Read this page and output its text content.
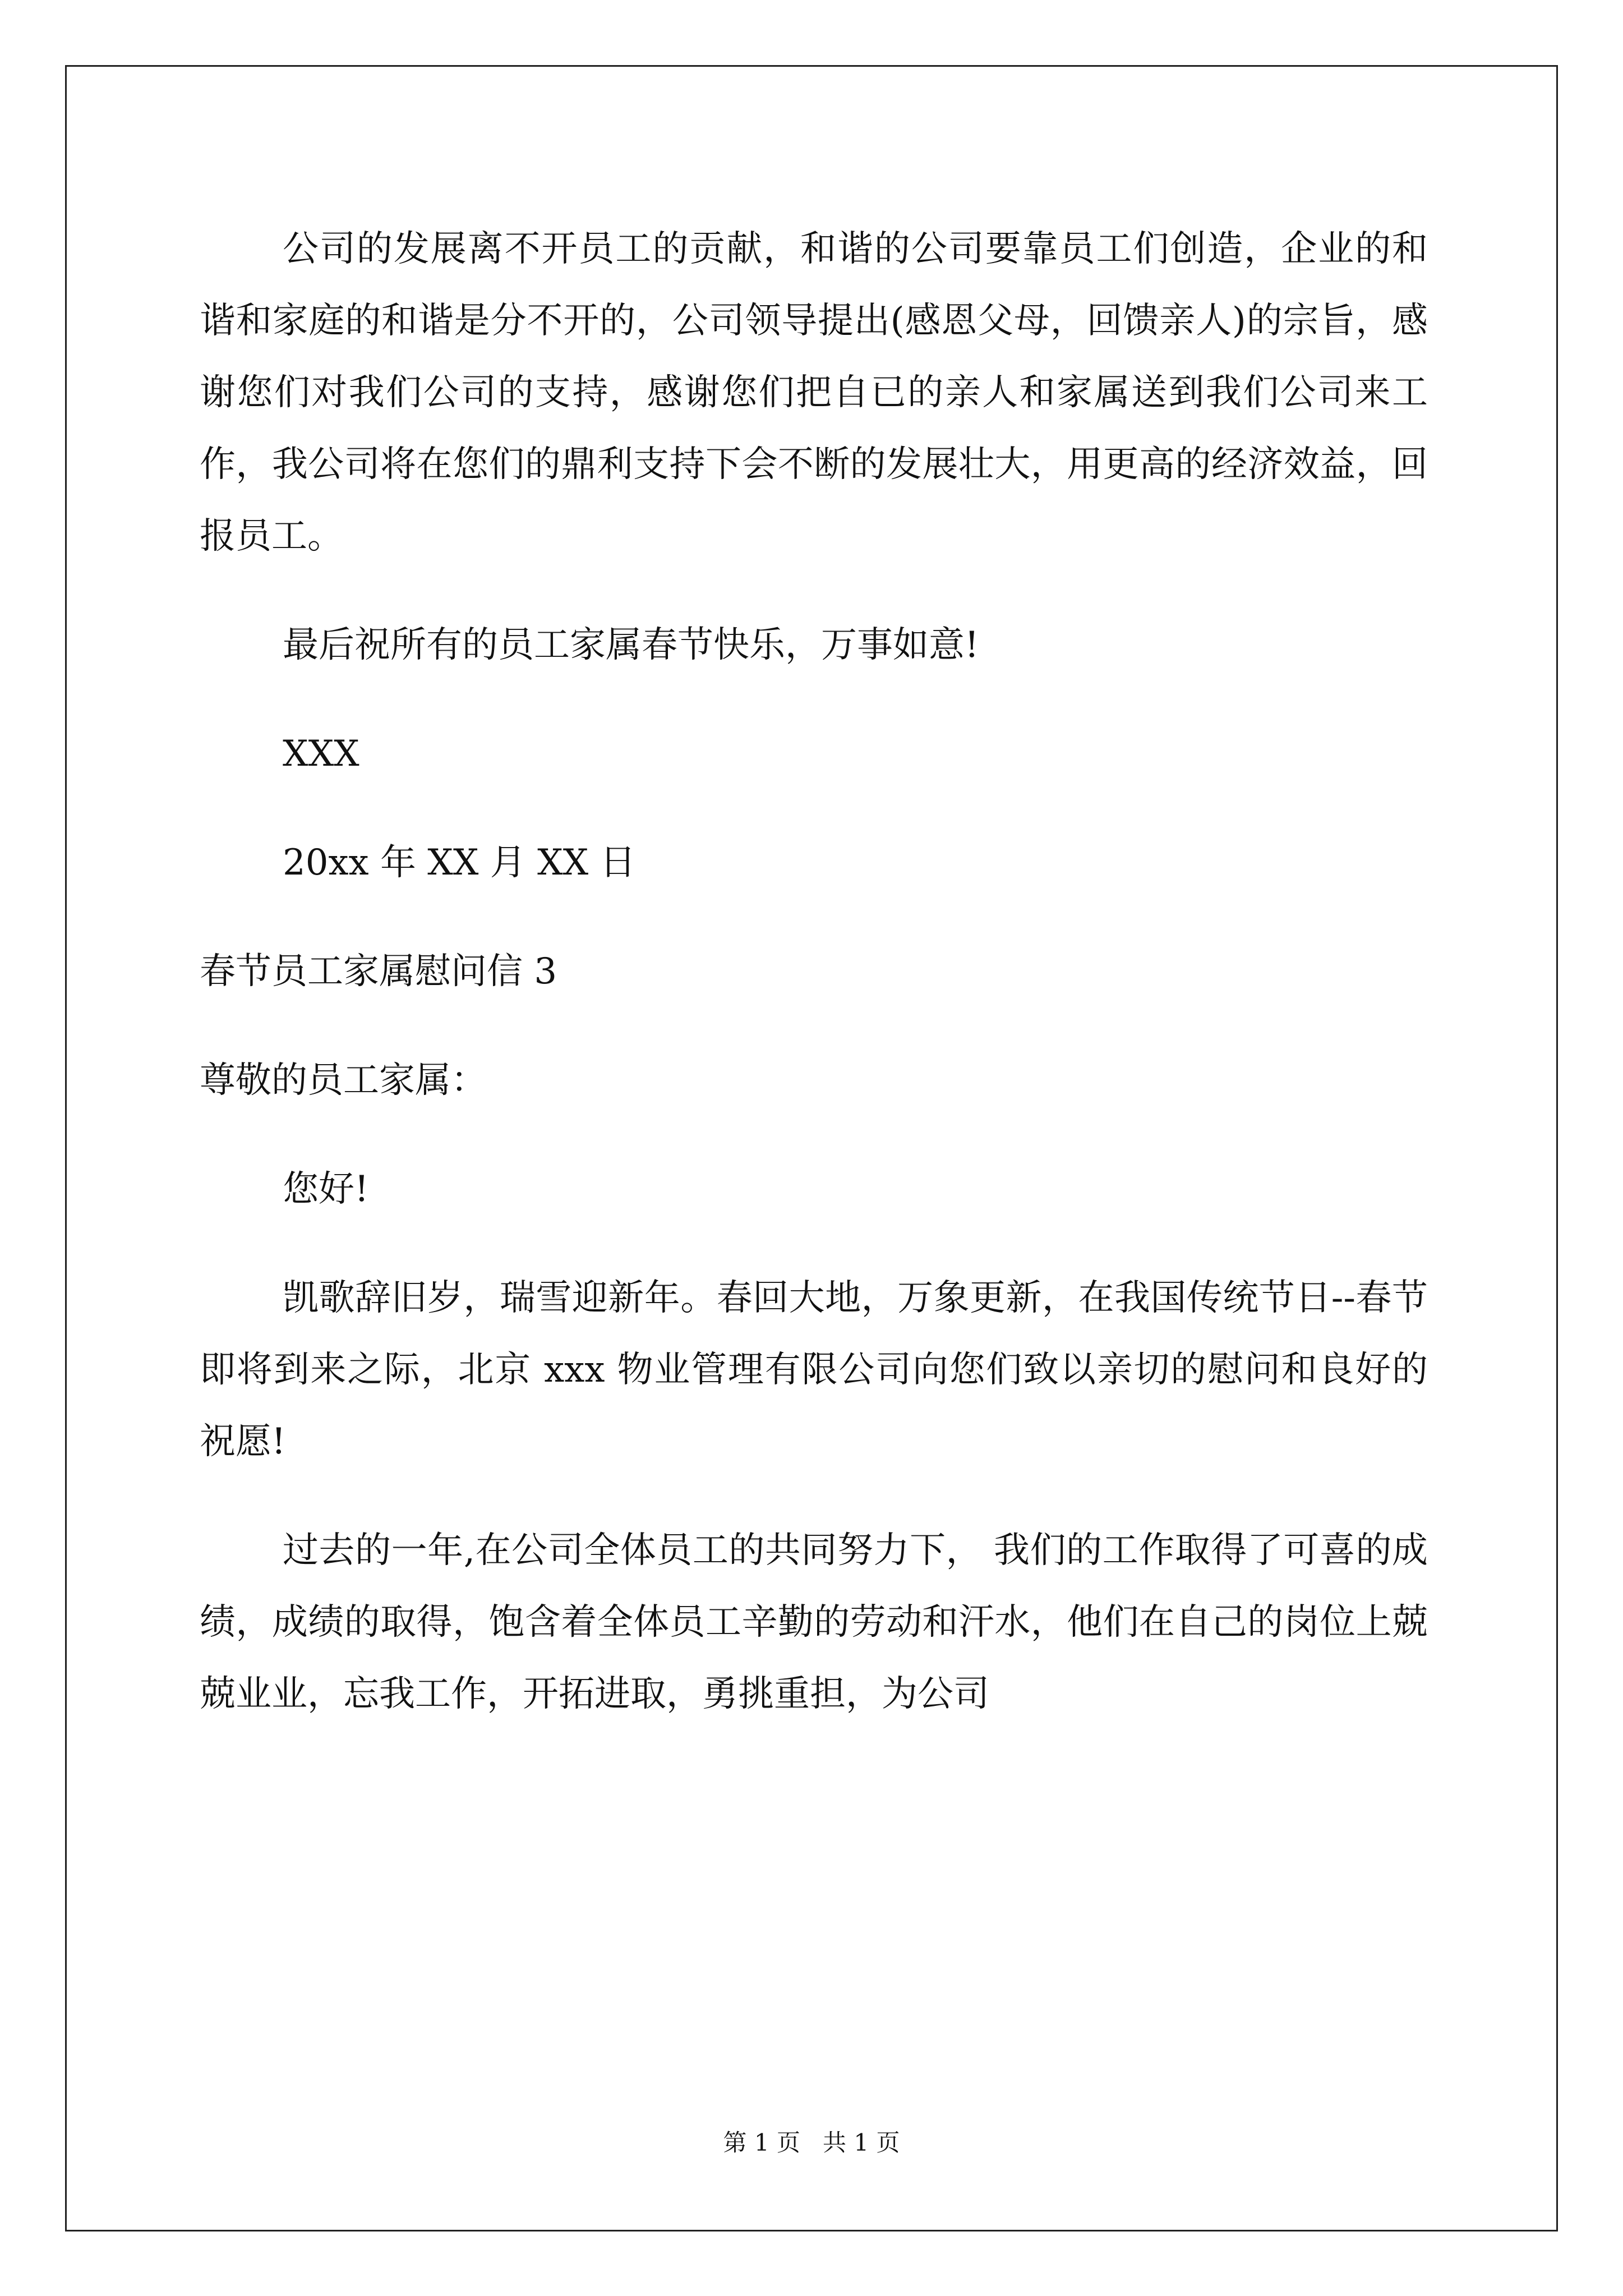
公司的发展离不开员工的贡献，和谐的公司要靠员工们创造，企业的和谐和家庭的和谐是分不开的，公司领导提出(感恩父母，回馈亲人)的宗旨，感谢您们对我们公司的支持，感谢您们把自已的亲人和家属送到我们公司来工作，我公司将在您们的鼎利支持下会不断的发展壮大，用更高的经济效益，回报员工。

最后祝所有的员工家属春节快乐，万事如意!

XXX

20xx 年 XX 月 XX 日

春节员工家属慰问信 3

尊敬的员工家属：

您好!

凯歌辞旧岁，瑞雪迎新年。春回大地，万象更新，在我国传统节日--春节即将到来之际，北京 xxx 物业管理有限公司向您们致以亲切的慰问和良好的祝愿!

过去的一年,在公司全体员工的共同努力下， 我们的工作取得了可喜的成绩，成绩的取得，饱含着全体员工辛勤的劳动和汗水，他们在自己的岗位上兢兢业业，忘我工作，开拓进取，勇挑重担，为公司

第 1 页 共 1 页
